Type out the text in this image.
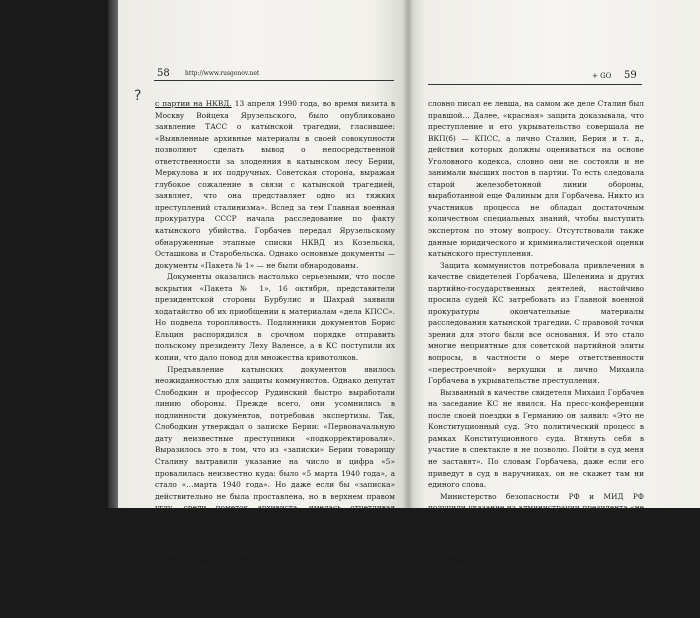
58	http://www.rusgenov.net
? с партии на НКВД. 13 апреля 1990 года, во время визита в Москву Войцеха Ярузельского, было опубликовано заявление ТАСС о катынской трагедии, гласившее: «Выявленные архивные материалы в своей совокупности позволяют сделать вывод о непосредственной ответственности за злодеяния в катынском лесу Берии, Меркулова и их подручных. Советская сторона, выражая глубокое сожаление в связи с катынской трагедией, заявляет, что она представляет одно из тяжких преступлений сталинизма». Вслед за тем Главная военная прокуратура СССР начала расследование по факту катынского убийства. Горбачев передал Ярузельскому обнаруженные этапные списки НКВД из Козельска, Осташкова и Старобельска. Однако основные документы — документы «Пакета № 1» — не были обнародованы.

Документы оказались настолько серьезными, что после вскрытия «Пакета № 1», 16 октября, представители президентской стороны Бурбулис и Шахрай заявили ходатайство об их приобщении к материалам «дела КПСС». Но подвела торопливость. Подлинники документов Борис Ельцин распорядился в срочном порядке отправить польскому президенту Леху Валенсе, а в КС поступили их копии, что дало повод для множества кривотолков.

Предъявление катынских документов явилось неожиданностью для защиты коммунистов. Однако депутат Слободкин и профессор Рудинский быстро выработали линию обороны. Прежде всего, они усомнились в подлинности документов, потребовав экспертизы. Так, Слободкин утверждал о записке Берии: «Первоначальную дату неизвестные преступники «подкорректировали». Выразилось это в том, что из «записки» Берии товарищу Сталину вытравили указание на число и цифра «5» провалилась неизвестно куда: было «5 марта 1940 года», а стало «…марта 1940 года». Но даже если бы «записка» действительно не была проставлена, но в верхнем правом углу, среди пометок архивиста, имелась отчетливая надпись: «От 5/III-40 г.», причем это была не дата составления записки или ее поступления в Политбюро, а дата принятия решения по ней. В подлинности записки Берии позволял усомниться также тот факт, что резолюция была написана так,

+ GO 59

словно писал ее левша, на самом же деле Сталин был правшой… Далее, «красная» защита доказывала, что преступление и его укрывательство совершала не ВКП(б) — КПСС, а лично Сталин, Берия и т. д., действия которых должны оцениваться на основе Уголовного кодекса, словно они не состояли и не занимали высших постов в партии. То есть следовала старой железобетонной линии обороны, выработанной еще Фалиным для Горбачева. Никто из участников процесса не обладал достаточным количеством специальных знаний, чтобы выступить экспертом по этому вопросу. Отсутствовали также данные юридического и криминалистической оценки катынского преступления.

Защита коммунистов потребовала привлечения в качестве свидетелей Горбачева, Шеленина и других партийно-государственных деятелей, настойчиво просила судей КС затребовать из Главной военной прокуратуры окончательные материалы расследования катынской трагедии. С правовой точки зрения для этого были все основания. И это стало многие неприятные для советской партийной элиты вопросы, в частности о мере ответственности «перестроечной» верхушки и лично Михаила Горбачева в укрывательстве преступления.

Вызванный в качестве свидетеля Михаил Горбачев на заседание КС не явился. На пресс-конференции после своей поездки в Германию он заявил: «Это не Конституционный суд. Это политический процесс в рамках Конституционного суда. Втянуть себя в участие в спектакле я не позволю. Пойти в суд меня не заставят». По словам Горбачева, даже если его приведут в суд в наручниках, он не скажет там ни единого слова.

Министерство безопасности РФ и МИД РФ получили указание из администрации президента «не допускать выезда гр-на М.С. Горбачева за границу, пока он не явится в суд и исполнит свой гражданский долг». В связи с этим Горбачев был вынужден отложить свою поездку в Сеул, встречу с президентом Ро Дэ У и чтение лекций. Исключение было сделано в связи с похоронами Вилли Брандта в октябре 1992 года. Затем было принято решение наложить на Горбачева штраф в размере 100 рублей за отказ от явки
